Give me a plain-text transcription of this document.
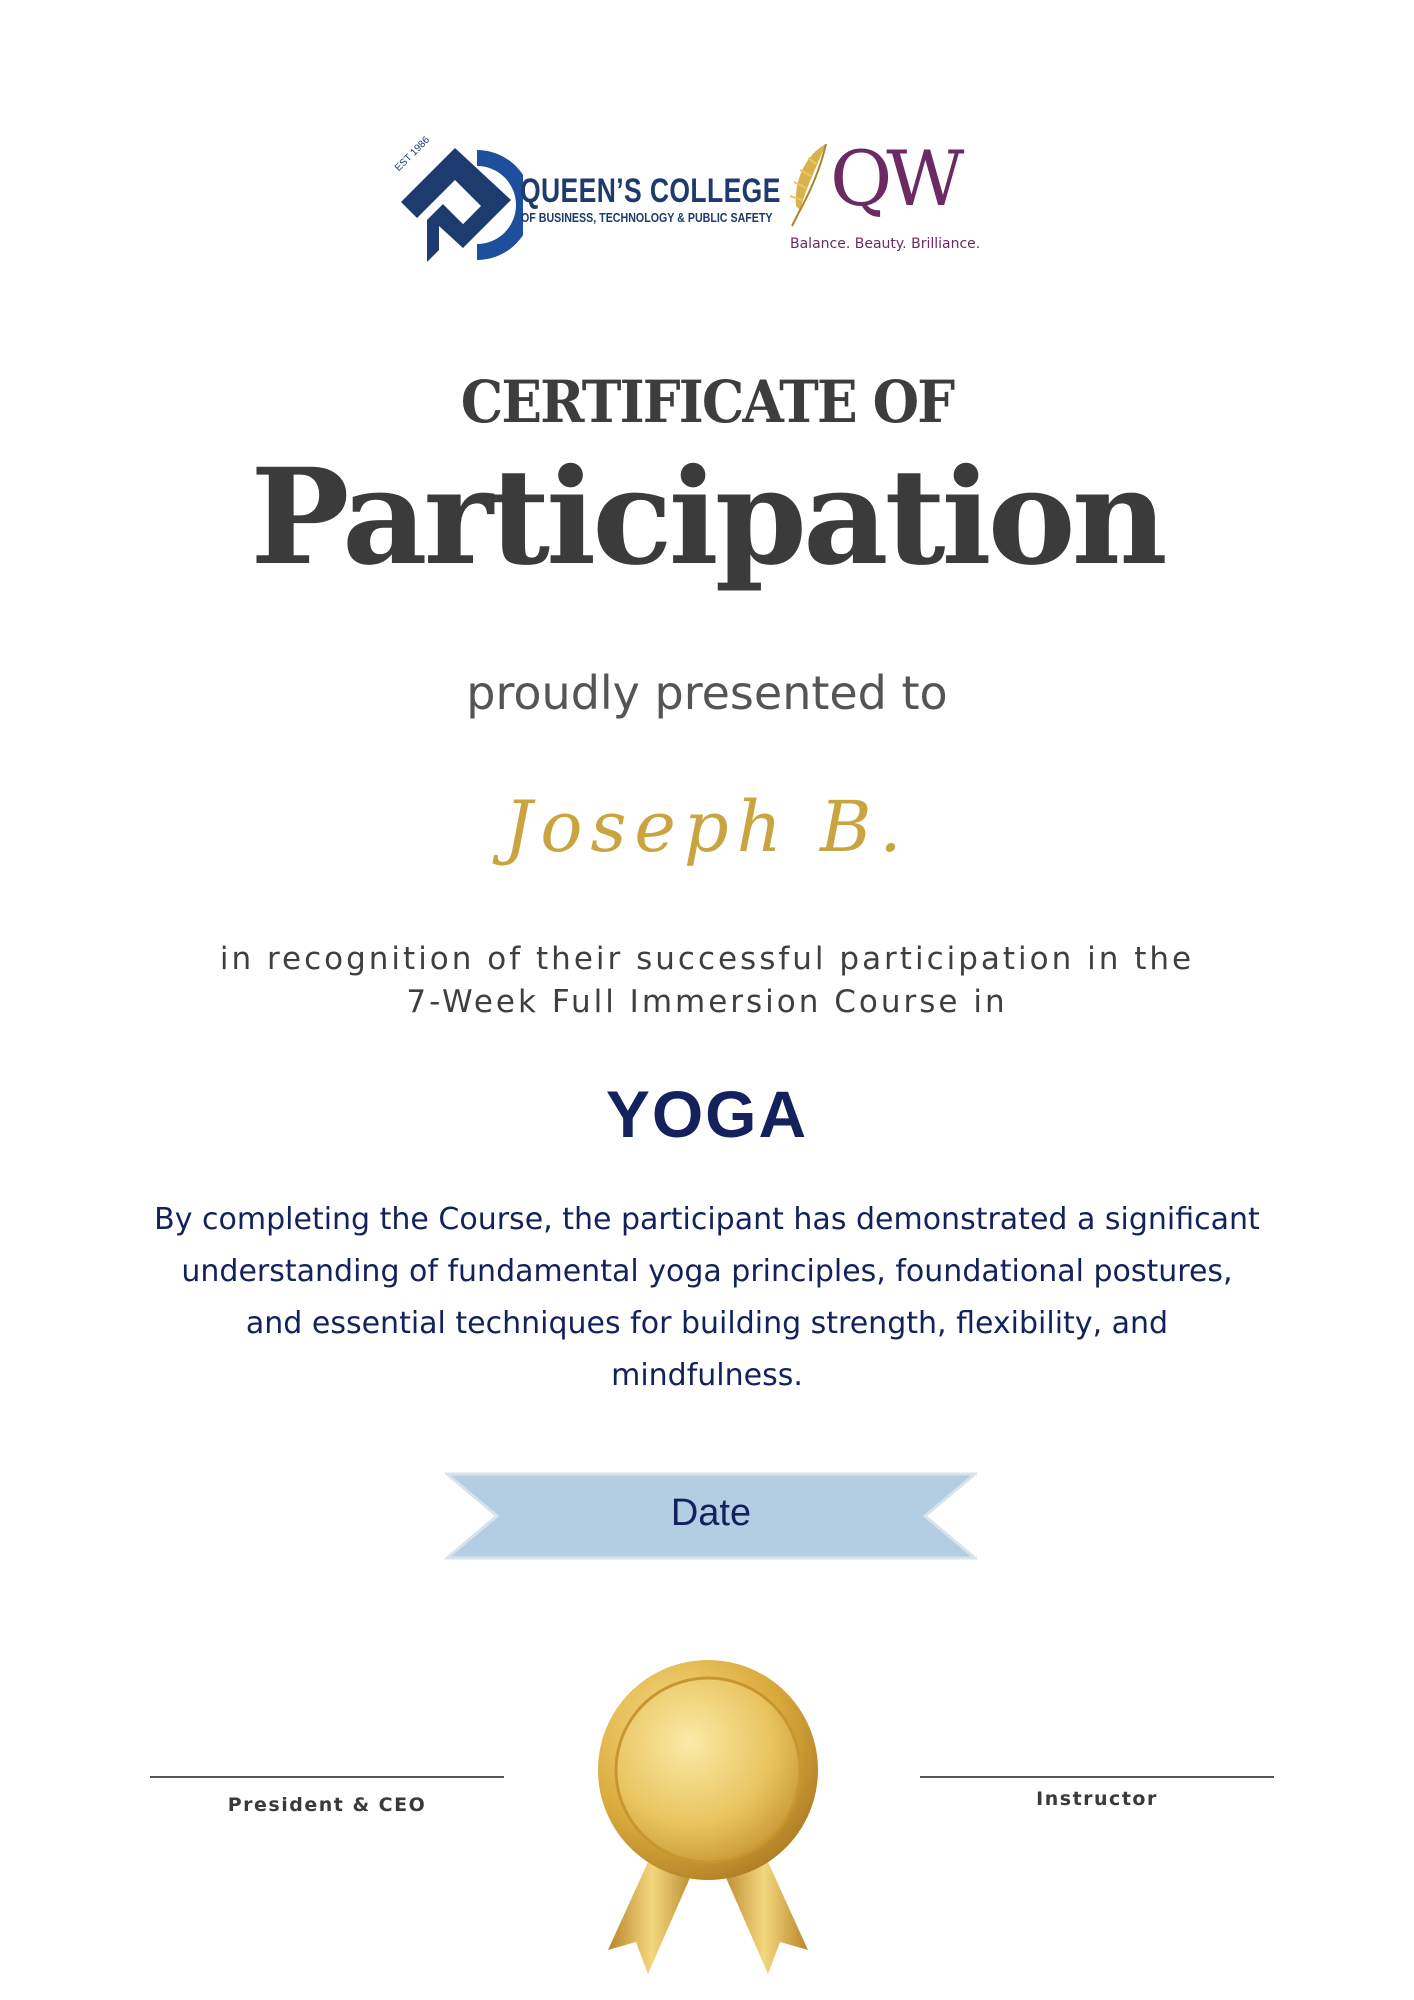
EST 1986
QUEEN’S COLLEGE
OF BUSINESS, TECHNOLOGY & PUBLIC SAFETY QW
Balance. Beauty. Brilliance.
CERTIFICATE OF
Participation
proudly presented to
Joseph B.
in recognition of their successful participation in the
7-Week Full Immersion Course in
YOGA
By completing the Course, the participant has demonstrated a significant understanding of fundamental yoga principles, foundational postures, and essential techniques for building strength, flexibility, and mindfulness.
Date
President & CEO	Instructor
